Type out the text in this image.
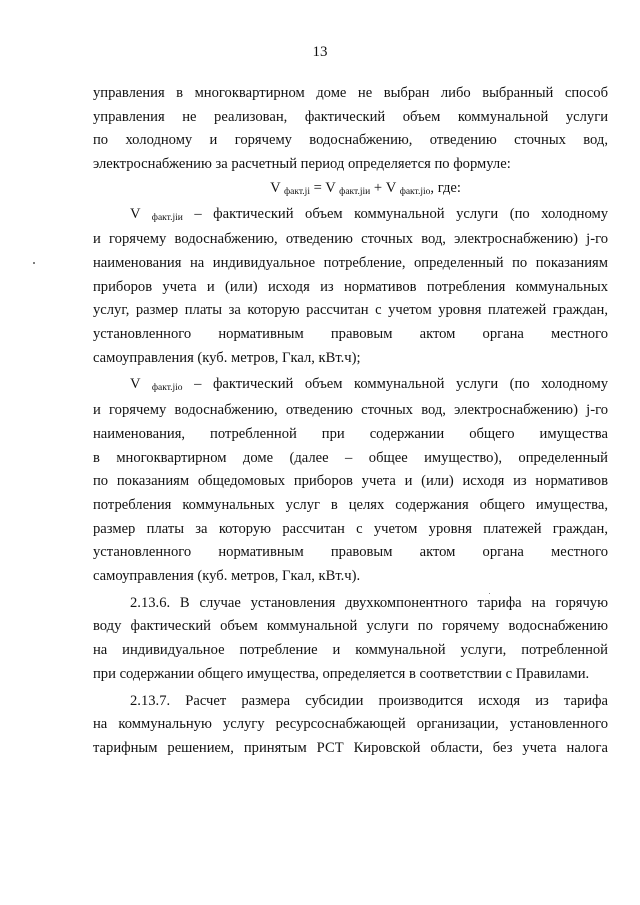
13
управления в многоквартирном доме не выбран либо выбранный способ
управления не реализован, фактический объем коммунальной услуги
по холодному и горячему водоснабжению, отведению сточных вод,
электроснабжению за расчетный период определяется по формуле:
V факт.ji = V факт.jiи + V факт.jio, где:
V факт.jiи – фактический объем коммунальной услуги (по холодному
и горячему водоснабжению, отведению сточных вод, электроснабжению) j-го
наименования на индивидуальное потребление, определенный по показаниям
приборов учета и (или) исходя из нормативов потребления коммунальных
услуг, размер платы за которую рассчитан с учетом уровня платежей граждан,
установленного нормативным правовым актом органа местного
самоуправления (куб. метров, Гкал, кВт.ч);
V факт.jio – фактический объем коммунальной услуги (по холодному
и горячему водоснабжению, отведению сточных вод, электроснабжению) j-го
наименования, потребленной при содержании общего имущества
в многоквартирном доме (далее – общее имущество), определенный
по показаниям общедомовых приборов учета и (или) исходя из нормативов
потребления коммунальных услуг в целях содержания общего имущества,
размер платы за которую рассчитан с учетом уровня платежей граждан,
установленного нормативным правовым актом органа местного
самоуправления (куб. метров, Гкал, кВт.ч).
2.13.6. В случае установления двухкомпонентного тарифа на горячую
воду фактический объем коммунальной услуги по горячему водоснабжению
на индивидуальное потребление и коммунальной услуги, потребленной
при содержании общего имущества, определяется в соответствии с Правилами.
2.13.7. Расчет размера субсидии производится исходя из тарифа
на коммунальную услугу ресурсоснабжающей организации, установленного
тарифным решением, принятым РСТ Кировской области, без учета налога
